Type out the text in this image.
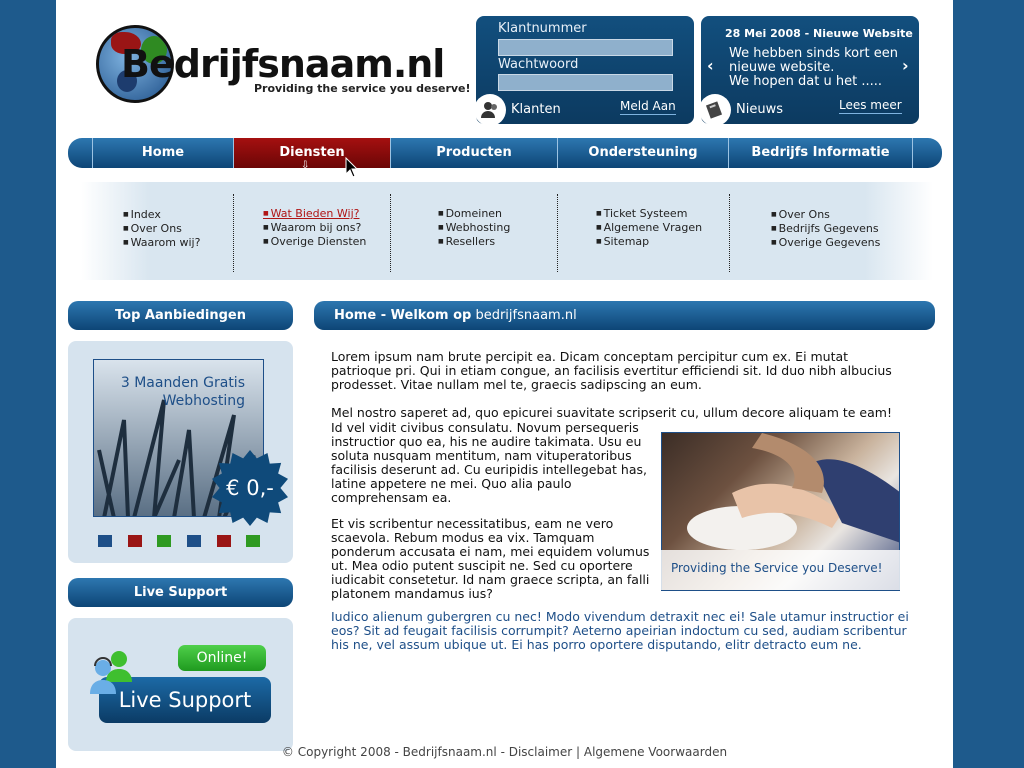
Bedrijfsnaam.nl
Providing the service you deserve!
Klantnummer
Wachtwoord
Klanten	Meld Aan
28 Mei 2008 - Nieuwe Website
‹	›
We hebben sinds kort een
nieuwe website.
We hopen dat u het .....
Nieuws	Lees meer
Home	Diensten
⇩
Producten	Ondersteuning	Bedrijfs Informatie
■ Index
■ Over Ons
■ Waarom wij?
■ Wat Bieden Wij?
■ Waarom bij ons?
■ Overige Diensten
■ Domeinen
■ Webhosting
■ Resellers
■ Ticket Systeem
■ Algemene Vragen
■ Sitemap
■ Over Ons
■ Bedrijfs Gegevens
■ Overige Gegevens
Top Aanbiedingen
3 Maanden Gratis
Webhosting
€ 0,-
Live Support
Online!
Live Support
Home - Welkom op bedrijfsnaam.nl
Lorem ipsum nam brute percipit ea. Dicam conceptam percipitur cum ex. Ei mutat patrioque pri. Qui in etiam congue, an facilisis evertitur efficiendi sit. Id duo nibh albucius prodesset. Vitae nullam mel te, graecis sadipscing an eum.
Mel nostro saperet ad, quo epicurei suavitate scripserit cu, ullum decore aliquam te eam!
Id vel vidit civibus consulatu. Novum persequeris instructior quo ea, his ne audire takimata. Usu eu soluta nusquam mentitum, nam vituperatoribus facilisis deserunt ad. Cu euripidis intellegebat has, latine appetere ne mei. Quo alia paulo comprehensam ea.
Et vis scribentur necessitatibus, eam ne vero scaevola. Rebum modus ea vix. Tamquam ponderum accusata ei nam, mei equidem volumus ut. Mea odio putent suscipit ne. Sed cu oportere iudicabit consetetur. Id nam graece scripta, an falli platonem mandamus ius?
Providing the Service you Deserve!
Iudico alienum gubergren cu nec! Modo vivendum detraxit nec ei! Sale utamur instructior ei eos? Sit ad feugait facilisis corrumpit? Aeterno apeirian indoctum cu sed, audiam scribentur his ne, vel assum ubique ut. Ei has porro oportere disputando, elitr detracto eum ne.
© Copyright 2008 - Bedrijfsnaam.nl - Disclaimer | Algemene Voorwaarden
